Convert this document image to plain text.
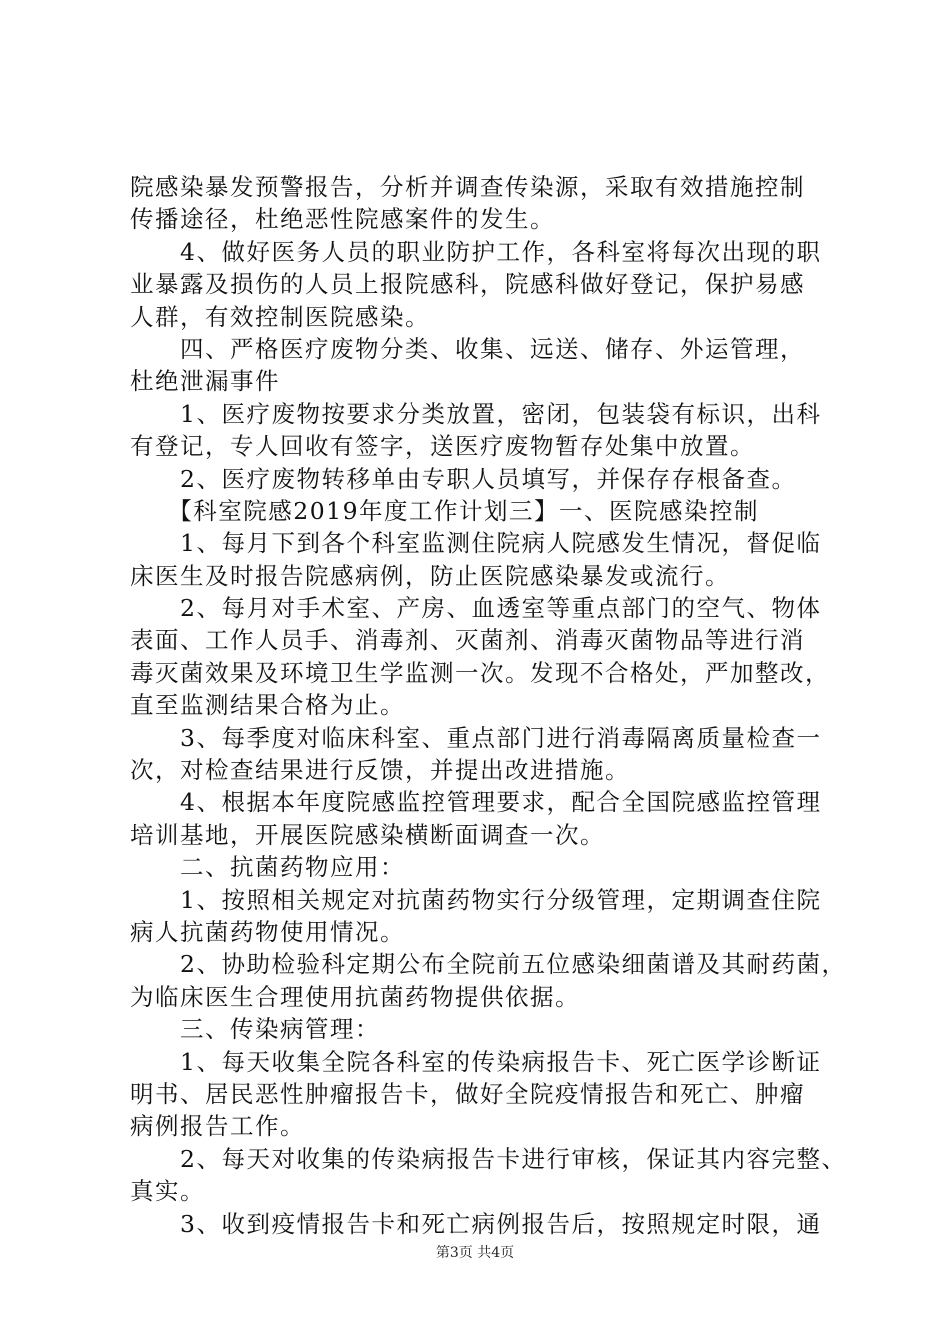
院感染暴发预警报告，分析并调查传染源，采取有效措施控制
传播途径，杜绝恶性院感案件的发生。
　　4、做好医务人员的职业防护工作，各科室将每次出现的职
业暴露及损伤的人员上报院感科，院感科做好登记，保护易感
人群，有效控制医院感染。
　　四、严格医疗废物分类、收集、远送、储存、外运管理，
杜绝泄漏事件
　　1、医疗废物按要求分类放置，密闭，包装袋有标识，出科
有登记，专人回收有签字，送医疗废物暂存处集中放置。
　　2、医疗废物转移单由专职人员填写，并保存存根备查。
　　【科室院感2019年度工作计划三】一、医院感染控制
　　1、每月下到各个科室监测住院病人院感发生情况，督促临
床医生及时报告院感病例，防止医院感染暴发或流行。
　　2、每月对手术室、产房、血透室等重点部门的空气、物体
表面、工作人员手、消毒剂、灭菌剂、消毒灭菌物品等进行消
毒灭菌效果及环境卫生学监测一次。发现不合格处，严加整改，
直至监测结果合格为止。
　　3、每季度对临床科室、重点部门进行消毒隔离质量检查一
次，对检查结果进行反馈，并提出改进措施。
　　4、根据本年度院感监控管理要求，配合全国院感监控管理
培训基地，开展医院感染横断面调查一次。
　　二、抗菌药物应用：
　　1、按照相关规定对抗菌药物实行分级管理，定期调查住院
病人抗菌药物使用情况。
　　2、协助检验科定期公布全院前五位感染细菌谱及其耐药菌，
为临床医生合理使用抗菌药物提供依据。
　　三、传染病管理：
　　1、每天收集全院各科室的传染病报告卡、死亡医学诊断证
明书、居民恶性肿瘤报告卡，做好全院疫情报告和死亡、肿瘤
病例报告工作。
　　2、每天对收集的传染病报告卡进行审核，保证其内容完整、
真实。
　　3、收到疫情报告卡和死亡病例报告后，按照规定时限，通
第3页 共4页
